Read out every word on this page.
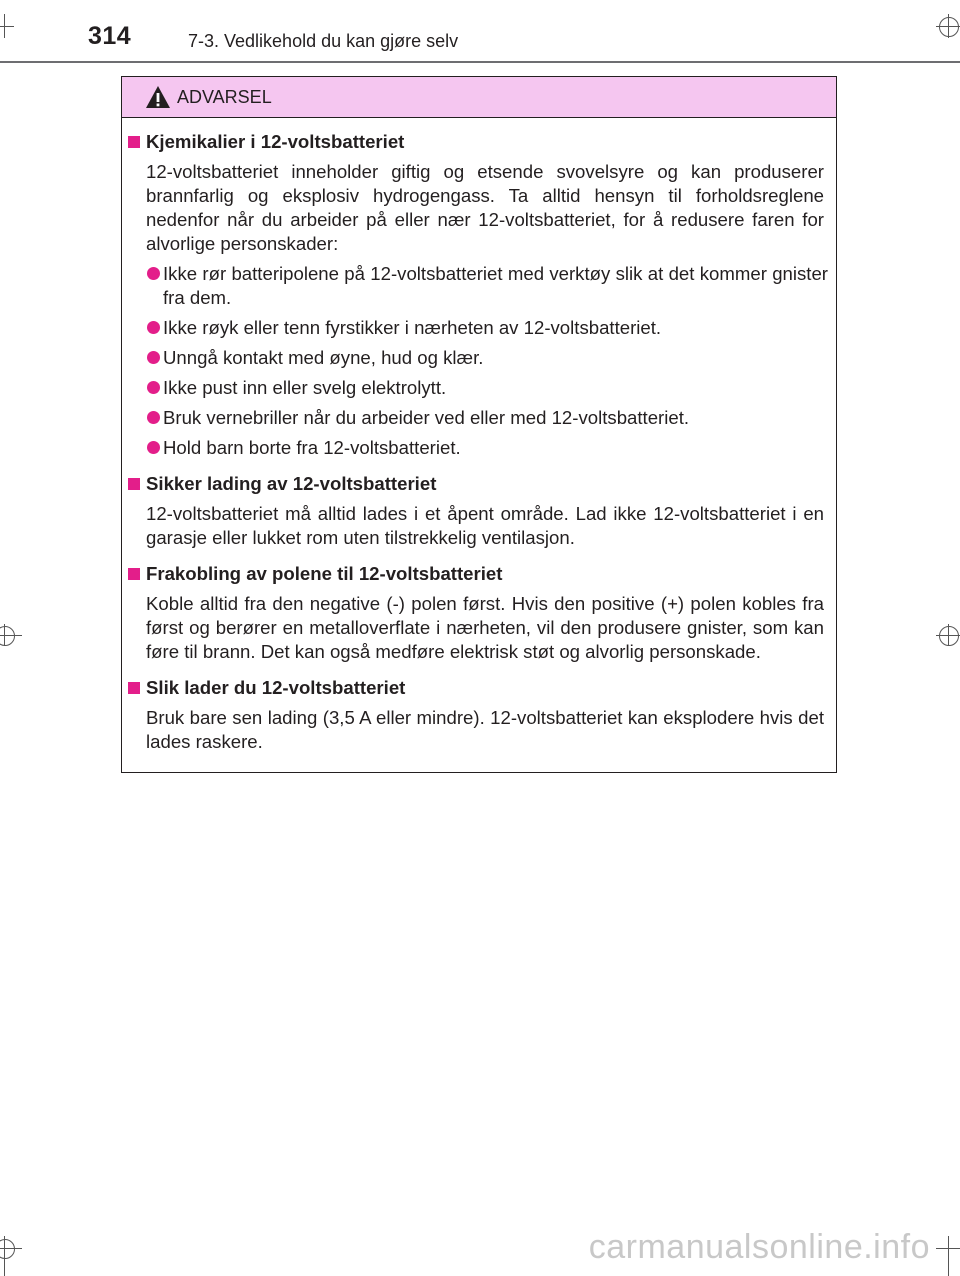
314	7-3. Vedlikehold du kan gjøre selv
ADVARSEL
Kjemikalier i 12-voltsbatteriet
12-voltsbatteriet inneholder giftig og etsende svovelsyre og kan produserer brannfarlig og eksplosiv hydrogengass. Ta alltid hensyn til forholdsreglene nedenfor når du arbeider på eller nær 12-voltsbatteriet, for å redusere faren for alvorlige personskader:
Ikke rør batteripolene på 12-voltsbatteriet med verktøy slik at det kommer gnister fra dem.
Ikke røyk eller tenn fyrstikker i nærheten av 12-voltsbatteriet.
Unngå kontakt med øyne, hud og klær.
Ikke pust inn eller svelg elektrolytt.
Bruk vernebriller når du arbeider ved eller med 12-voltsbatteriet.
Hold barn borte fra 12-voltsbatteriet.
Sikker lading av 12-voltsbatteriet
12-voltsbatteriet må alltid lades i et åpent område. Lad ikke 12-voltsbatteriet i en garasje eller lukket rom uten tilstrekkelig ventilasjon.
Frakobling av polene til 12-voltsbatteriet
Koble alltid fra den negative (-) polen først. Hvis den positive (+) polen kobles fra først og berører en metalloverflate i nærheten, vil den produsere gnister, som kan føre til brann. Det kan også medføre elektrisk støt og alvorlig personskade.
Slik lader du 12-voltsbatteriet
Bruk bare sen lading (3,5 A eller mindre). 12-voltsbatteriet kan eksplodere hvis det lades raskere.
carmanualsonline.info
